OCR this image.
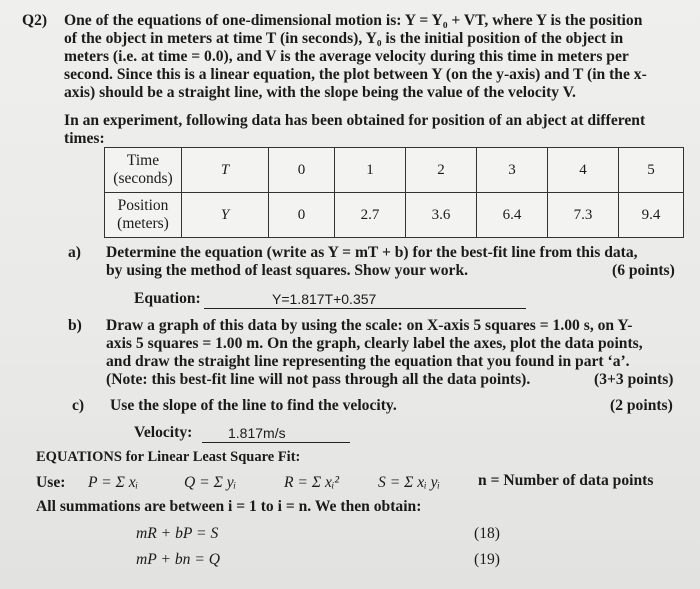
Q2) One of the equations of one-dimensional motion is: Y = Y₀ + VT, where Y is the position
of the object in meters at time T (in seconds), Y₀ is the initial position of the object in
meters (i.e. at time = 0.0), and V is the average velocity during this time in meters per
second. Since this is a linear equation, the plot between Y (on the y-axis) and T (in the x-
axis) should be a straight line, with the slope being the value of the velocity V.
In an experiment, following data has been obtained for position of an abject at different
times:
Time
(seconds)	T	0	1	2	3	4	5
Position
(meters)	Y	0	2.7	3.6	6.4	7.3	9.4
a) Determine the equation (write as Y = mT + b) for the best-fit line from this data,
by using the method of least squares. Show your work.	(6 points)
Equation:	Y=1.817T+0.357
b) Draw a graph of this data by using the scale: on X-axis 5 squares = 1.00 s, on Y-
axis 5 squares = 1.00 m. On the graph, clearly label the axes, plot the data points,
and draw the straight line representing the equation that you found in part ‘a’.
(Note: this best-fit line will not pass through all the data points).	(3+3 points)
c) Use the slope of the line to find the velocity.	(2 points)
Velocity:	1.817m/s
EQUATIONS for Linear Least Square Fit:
Use: P = Σ xᵢ	Q = Σ yᵢ	R = Σ xᵢ² S = Σ xᵢ yᵢ n = Number of data points
All summations are between i = 1 to i = n. We then obtain:
mR + bP = S	(18)
mP + bn = Q	(19)
